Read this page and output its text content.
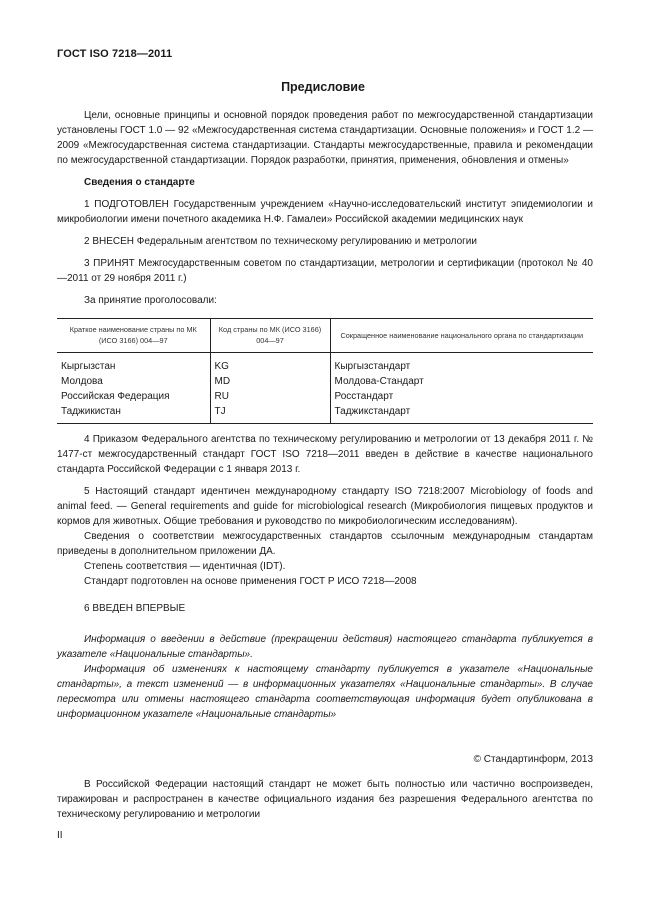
ГОСТ ISO 7218—2011
Предисловие

Цели, основные принципы и основной порядок проведения работ по межгосударственной стандартизации установлены ГОСТ 1.0 — 92 «Межгосударственная система стандартизации. Основные положения» и ГОСТ 1.2 — 2009 «Межгосударственная система стандартизации. Стандарты межгосударственные, правила и рекомендации по межгосударственной стандартизации. Порядок разработки, принятия, применения, обновления и отмены»

Сведения о стандарте

1 ПОДГОТОВЛЕН Государственным учреждением «Научно-исследовательский институт эпидемиологии и микробиологии имени почетного академика Н.Ф. Гамалеи» Российской академии медицинских наук

2 ВНЕСЕН Федеральным агентством по техническому регулированию и метрологии

3 ПРИНЯТ Межгосударственным советом по стандартизации, метрологии и сертификации (протокол № 40—2011 от 29 ноября 2011 г.)

За принятие проголосовали:

Краткое наименование страны по МК (ИСО 3166) 004—97	Код страны по МК (ИСО 3166) 004—97	Сокращенное наименование национального органа по стандартизации
Кыргызстан	KG	Кыргызстандарт
Молдова	MD	Молдова-Стандарт
Российская Федерация	RU	Росстандарт
Таджикистан	TJ	Таджикстандарт

4 Приказом Федерального агентства по техническому регулированию и метрологии от 13 декабря 2011 г. № 1477-ст межгосударственный стандарт ГОСТ ISO 7218—2011 введен в действие в качестве национального стандарта Российской Федерации с 1 января 2013 г.

5 Настоящий стандарт идентичен международному стандарту ISO 7218:2007 Microbiology of foods and animal feed. — General requirements and guide for microbiological research (Микробиология пищевых продуктов и кормов для животных. Общие требования и руководство по микробиологическим исследованиям).

Сведения о соответствии межгосударственных стандартов ссылочным международным стандартам приведены в дополнительном приложении ДА.

Степень соответствия — идентичная (IDT).

Стандарт подготовлен на основе применения ГОСТ Р ИСО 7218—2008

6 ВВЕДЕН ВПЕРВЫЕ

Информация о введении в действие (прекращении действия) настоящего стандарта публикуется в указателе «Национальные стандарты».

Информация об изменениях к настоящему стандарту публикуется в указателе «Национальные стандарты», а текст изменений — в информационных указателях «Национальные стандарты». В случае пересмотра или отмены настоящего стандарта соответствующая информация будет опубликована в информационном указателе «Национальные стандарты»

© Стандартинформ, 2013

В Российской Федерации настоящий стандарт не может быть полностью или частично воспроизведен, тиражирован и распространен в качестве официального издания без разрешения Федерального агентства по техническому регулированию и метрологии

II
